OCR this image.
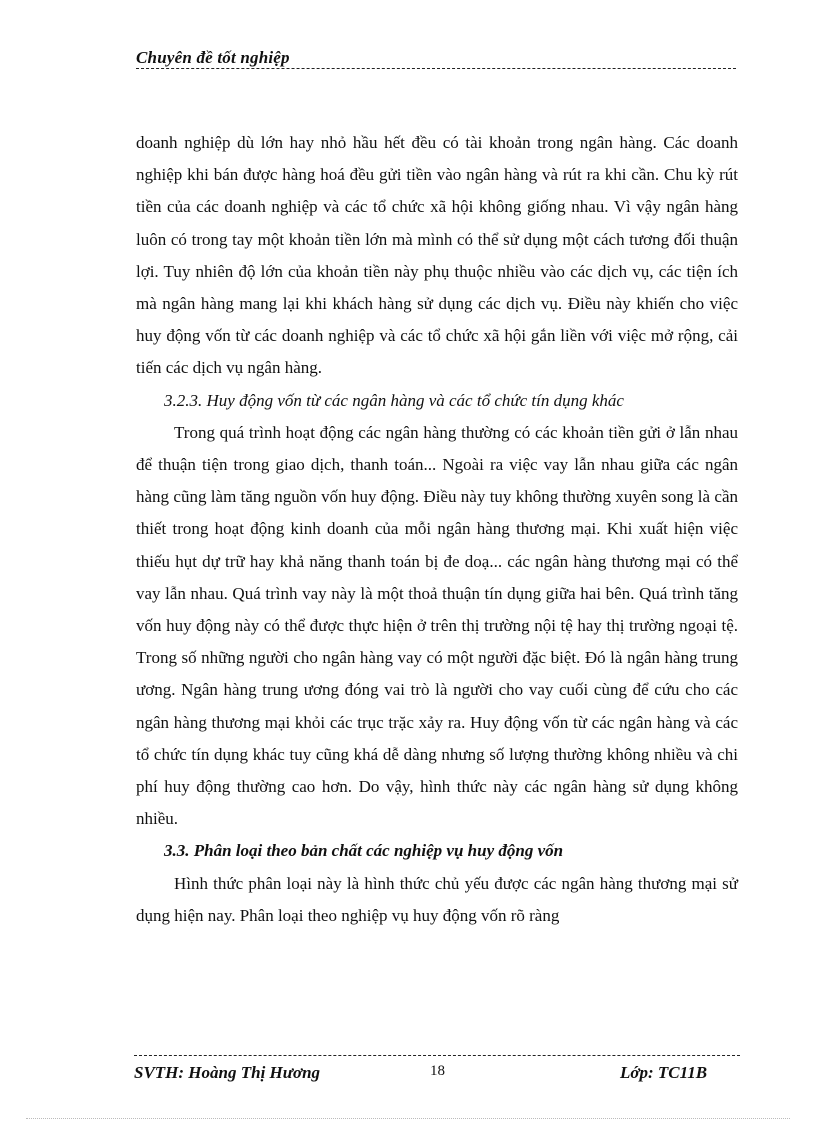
Chuyên đề tốt nghiệp

doanh nghiệp dù lớn hay nhỏ hầu hết đều có tài khoản trong ngân hàng. Các doanh nghiệp khi bán được hàng hoá đều gửi tiền vào ngân hàng và rút ra khi cần. Chu kỳ rút tiền của các doanh nghiệp và các tổ chức xã hội không giống nhau. Vì vậy ngân hàng luôn có trong tay một khoản tiền lớn mà mình có thể sử dụng một cách tương đối thuận lợi. Tuy nhiên độ lớn của khoản tiền này phụ thuộc nhiều vào các dịch vụ, các tiện ích mà ngân hàng mang lại khi khách hàng sử dụng các dịch vụ. Điều này khiến cho việc huy động vốn từ các doanh nghiệp và các tổ chức xã hội gắn liền với việc mở rộng, cải tiến các dịch vụ ngân hàng.

3.2.3. Huy động vốn từ các ngân hàng và các tổ chức tín dụng khác

Trong quá trình hoạt động các ngân hàng thường có các khoản tiền gửi ở lẫn nhau để thuận tiện trong giao dịch, thanh toán... Ngoài ra việc vay lẫn nhau giữa các ngân hàng cũng làm tăng nguồn vốn huy động. Điều này tuy không thường xuyên song là cần thiết trong hoạt động kinh doanh của mỗi ngân hàng thương mại. Khi xuất hiện việc thiếu hụt dự trữ hay khả năng thanh toán bị đe doạ... các ngân hàng thương mại có thể vay lẫn nhau. Quá trình vay này là một thoả thuận tín dụng giữa hai bên. Quá trình tăng vốn huy động này có thể được thực hiện ở trên thị trường nội tệ hay thị trường ngoại tệ. Trong số những người cho ngân hàng vay có một người đặc biệt. Đó là ngân hàng trung ương. Ngân hàng trung ương đóng vai trò là người cho vay cuối cùng để cứu cho các ngân hàng thương mại khỏi các trục trặc xảy ra. Huy động vốn từ các ngân hàng và các tổ chức tín dụng khác tuy cũng khá dễ dàng nhưng số lượng thường không nhiều và chi phí huy động thường cao hơn. Do vậy, hình thức này các ngân hàng sử dụng không nhiều.

3.3. Phân loại theo bản chất các nghiệp vụ huy động vốn

Hình thức phân loại này là hình thức chủ yếu được các ngân hàng thương mại sử dụng hiện nay. Phân loại theo nghiệp vụ huy động vốn rõ ràng

SVTH: Hoàng Thị Hương	18	Lớp: TC11B
